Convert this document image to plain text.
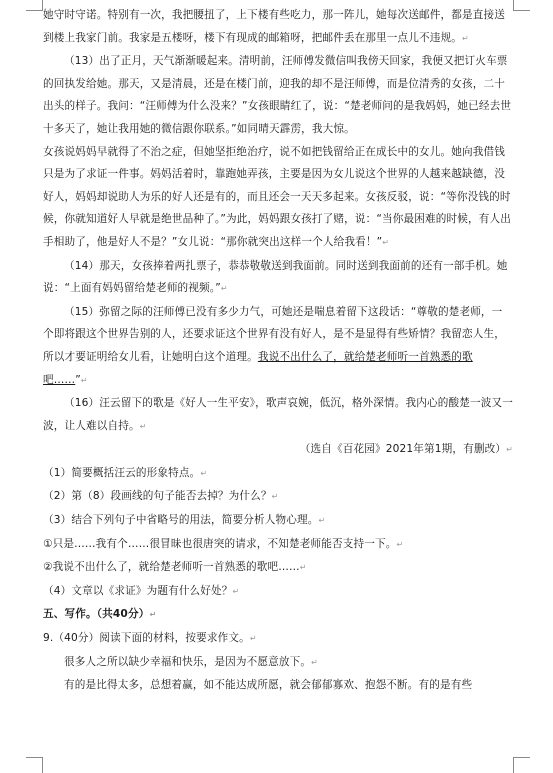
她守时守诺。特别有一次，我把腰扭了，上下楼有些吃力，那一阵儿，她每次送邮件，都是直接送到楼上我家门前。我家是五楼呀，楼下有现成的邮箱呀，把邮件丢在那里一点儿不违规。↵

（13）出了正月，天气渐渐暖起来。清明前，汪师傅发微信叫我傍天回家，我便又把订火车票的回执发给她。那天，又是清晨，还是在楼门前，迎我的却不是汪师傅，而是位清秀的女孩，二十出头的样子。我问：“汪师傅为什么没来？”女孩眼睛红了，说：“楚老师问的是我妈妈，她已经去世十多天了，她让我用她的微信跟你联系。”如同晴天霹雳，我大惊。

女孩说妈妈早就得了不治之症，但她坚拒绝治疗，说不如把钱留给正在成长中的女儿。她向我借钱只是为了求证一件事。妈妈活着时，靠跑她弄孩，主要是因为女儿说这个世界的人越来越缺德，没好人，妈妈却说助人为乐的好人还是有的，而且还会一天天多起来。女孩反驳，说：“等你没钱的时候，你就知道好人早就是绝世品种了。”为此，妈妈跟女孩打了赌，说：“当你最困难的时候，有人出手相助了，他是好人不是？”女儿说：“那你就突出这样一个人给我看！”↵

（14）那天，女孩捧着两扎票子，恭恭敬敬送到我面前。同时送到我面前的还有一部手机。她说：“上面有妈妈留给楚老师的视频。”↵

（15）弥留之际的汪师傅已没有多少力气，可她还是喘息着留下这段话：“尊敬的楚老师，一个即将跟这个世界告别的人，还要求证这个世界有没有好人，是不是显得有些矫情？我留恋人生，所以才要证明给女儿看，让她明白这个道理。我说不出什么了，就给楚老师听一首熟悉的歌吧……”↵

（16）汪云留下的歌是《好人一生平安》，歌声哀婉，低沉，格外深情。我内心的酸楚一波又一波，让人难以自持。↵

（选自《百花园》2021年第1期，有删改）↵

（1）简要概括汪云的形象特点。↵

（2）第（8）段画线的句子能否去掉？为什么？↵

（3）结合下列句子中省略号的用法，简要分析人物心理。↵

①只是……我有个……很冒昧也很唐突的请求，不知楚老师能否支持一下。↵

②我说不出什么了，就给楚老师听一首熟悉的歌吧……↵

（4）文章以《求证》为题有什么好处？↵

五、写作。（共40分）↵

9.（40分）阅读下面的材料，按要求作文。↵

很多人之所以缺少幸福和快乐，是因为不愿意放下。↵

有的是比得太多，总想着赢，如不能达成所愿，就会郁郁寡欢、抱怨不断。有的是有些
